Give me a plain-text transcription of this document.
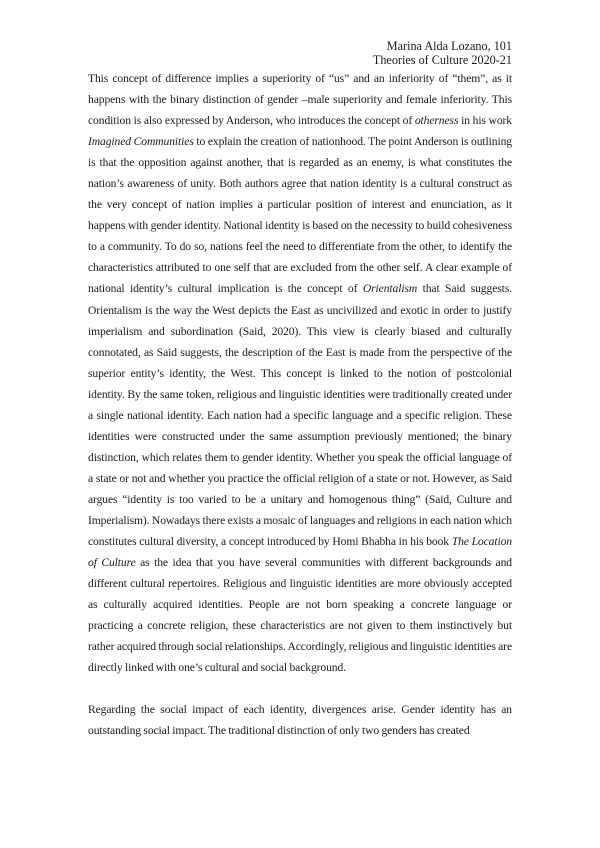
Marina Alda Lozano, 101
Theories of Culture 2020-21

This concept of difference implies a superiority of “us” and an inferiority of “them”, as it happens with the binary distinction of gender –male superiority and female inferiority. This condition is also expressed by Anderson, who introduces the concept of otherness in his work Imagined Communities to explain the creation of nationhood. The point Anderson is outlining is that the opposition against another, that is regarded as an enemy, is what constitutes the nation’s awareness of unity. Both authors agree that nation identity is a cultural construct as the very concept of nation implies a particular position of interest and enunciation, as it happens with gender identity. National identity is based on the necessity to build cohesiveness to a community. To do so, nations feel the need to differentiate from the other, to identify the characteristics attributed to one self that are excluded from the other self. A clear example of national identity’s cultural implication is the concept of Orientalism that Said suggests. Orientalism is the way the West depicts the East as uncivilized and exotic in order to justify imperialism and subordination (Said, 2020). This view is clearly biased and culturally connotated, as Said suggests, the description of the East is made from the perspective of the superior entity’s identity, the West. This concept is linked to the notion of postcolonial identity. By the same token, religious and linguistic identities were traditionally created under a single national identity. Each nation had a specific language and a specific religion. These identities were constructed under the same assumption previously mentioned; the binary distinction, which relates them to gender identity. Whether you speak the official language of a state or not and whether you practice the official religion of a state or not. However, as Said argues “identity is too varied to be a unitary and homogenous thing” (Said, Culture and Imperialism). Nowadays there exists a mosaic of languages and religions in each nation which constitutes cultural diversity, a concept introduced by Homi Bhabha in his book The Location of Culture as the idea that you have several communities with different backgrounds and different cultural repertoires. Religious and linguistic identities are more obviously accepted as culturally acquired identities. People are not born speaking a concrete language or practicing a concrete religion, these characteristics are not given to them instinctively but rather acquired through social relationships. Accordingly, religious and linguistic identities are directly linked with one’s cultural and social background.

Regarding the social impact of each identity, divergences arise. Gender identity has an outstanding social impact. The traditional distinction of only two genders has created
